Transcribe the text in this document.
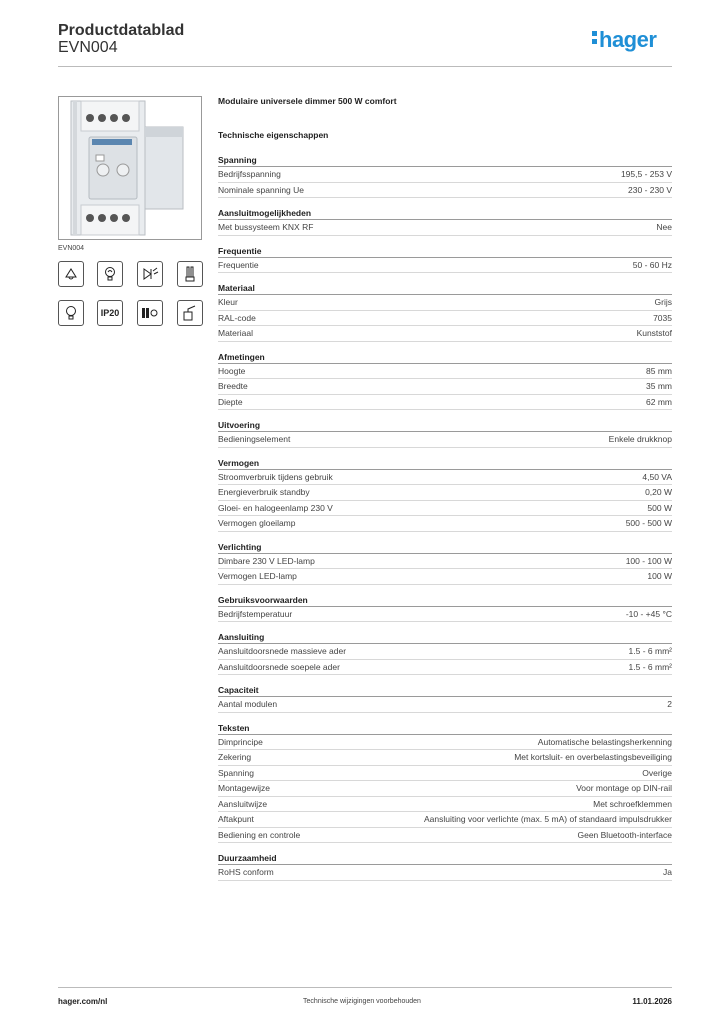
Productdatablad
EVN004	hager
EVN004
IP20
Modulaire universele dimmer 500 W comfort
Technische eigenschappen
Spanning
Bedrijfsspanning	195,5 - 253 V
Nominale spanning Ue	230 - 230 V
Aansluitmogelijkheden
Met bussysteem KNX RF	Nee
Frequentie
Frequentie	50 - 60 Hz
Materiaal
Kleur	Grijs
RAL-code	7035
Materiaal	Kunststof
Afmetingen
Hoogte	85 mm
Breedte	35 mm
Diepte	62 mm
Uitvoering
Bedieningselement	Enkele drukknop
Vermogen
Stroomverbruik tijdens gebruik	4,50 VA
Energieverbruik standby	0,20 W
Gloei- en halogeenlamp 230 V	500 W
Vermogen gloeilamp	500 - 500 W
Verlichting
Dimbare 230 V LED-lamp	100 - 100 W
Vermogen LED-lamp	100 W
Gebruiksvoorwaarden
Bedrijfstemperatuur	-10 - +45 °C
Aansluiting
Aansluitdoorsnede massieve ader	1.5 - 6 mm²
Aansluitdoorsnede soepele ader	1.5 - 6 mm²
Capaciteit
Aantal modulen	2
Teksten
Dimprincipe	Automatische belastingsherkenning
Zekering	Met kortsluit- en overbelastingsbeveiliging
Spanning	Overige
Montagewijze	Voor montage op DIN-rail
Aansluitwijze	Met schroefklemmen
Aftakpunt	Aansluiting voor verlichte (max. 5 mA) of standaard impulsdrukker
Bediening en controle	Geen Bluetooth-interface
Duurzaamheid
RoHS conform	Ja
hager.com/nl	Technische wijzigingen voorbehouden	11.01.2026
